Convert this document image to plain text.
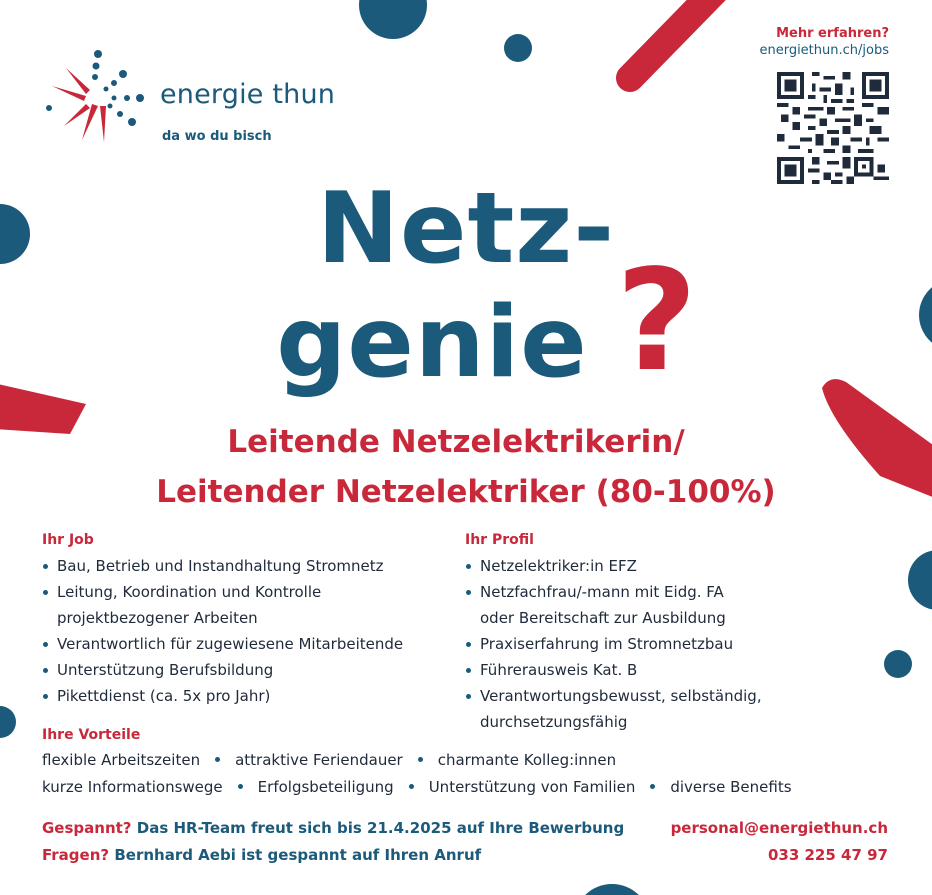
energie thun
da wo du bisch
Mehr erfahren?
energiethun.ch/jobs
Netz-
genie ?
Leitende Netzelektrikerin/
Leitender Netzelektriker (80-100%)
Ihr Job
Bau, Betrieb und Instandhaltung Stromnetz
Leitung, Koordination und Kontrolle
projektbezogener Arbeiten
Verantwortlich für zugewiesene Mitarbeitende
Unterstützung Berufsbildung
Pikettdienst (ca. 5x pro Jahr)
Ihr Profil
Netzelektriker:in EFZ
Netzfachfrau/-mann mit Eidg. FA
oder Bereitschaft zur Ausbildung
Praxiserfahrung im Stromnetzbau
Führerausweis Kat. B
Verantwortungsbewusst, selbständig,
durchsetzungsfähig
Ihre Vorteile
flexible Arbeitszeiten attraktive Feriendauer charmante Kolleg:innen
kurze Informationswege Erfolgsbeteiligung Unterstützung von Familien diverse Benefits
Gespannt? Das HR-Team freut sich bis 21.4.2025 auf Ihre Bewerbung
Fragen? Bernhard Aebi ist gespannt auf Ihren Anruf
personal@energiethun.ch
033 225 47 97
